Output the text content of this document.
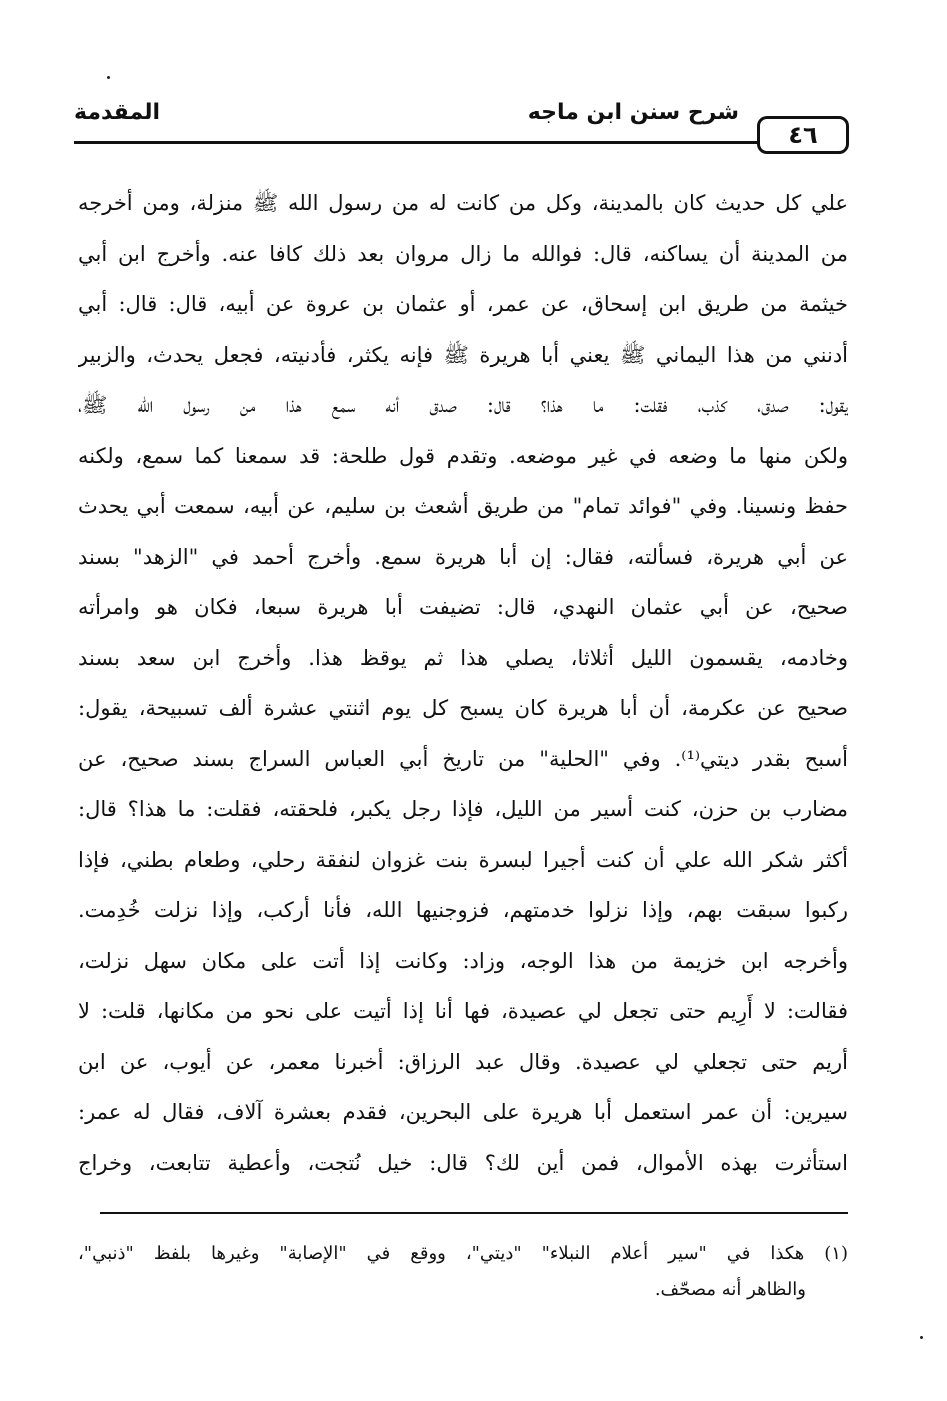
٤٦
شرح سنن ابن ماجه
المقدمة
علي كل حديث كان بالمدينة، وكل من كانت له من رسول الله ﷺ منزلة، ومن أخرجه
من المدينة أن يساكنه، قال: فوالله ما زال مروان بعد ذلك كافا عنه. وأخرج ابن أبي
خيثمة من طريق ابن إسحاق، عن عمر، أو عثمان بن عروة عن أبيه، قال: قال: أبي
أدنني من هذا اليماني ﷺ يعني أبا هريرة ﷺ فإنه يكثر، فأدنيته، فجعل يحدث، والزبير
يقول: صدق، كذب، فقلت: ما هذا؟ قال: صدق أنه سمع هذا من رسول الله ﷺ،
ولكن منها ما وضعه في غير موضعه. وتقدم قول طلحة: قد سمعنا كما سمع، ولكنه
حفظ ونسينا. وفي "فوائد تمام" من طريق أشعث بن سليم، عن أبيه، سمعت أبي يحدث
عن أبي هريرة، فسألته، فقال: إن أبا هريرة سمع. وأخرج أحمد في "الزهد" بسند
صحيح، عن أبي عثمان النهدي، قال: تضيفت أبا هريرة سبعا، فكان هو وامرأته
وخادمه، يقسمون الليل أثلاثا، يصلي هذا ثم يوقظ هذا. وأخرج ابن سعد بسند
صحيح عن عكرمة، أن أبا هريرة كان يسبح كل يوم اثنتي عشرة ألف تسبيحة، يقول:
أسبح بقدر ديتي⁽¹⁾. وفي "الحلية" من تاريخ أبي العباس السراج بسند صحيح، عن
مضارب بن حزن، كنت أسير من الليل، فإذا رجل يكبر، فلحقته، فقلت: ما هذا؟ قال:
أكثر شكر الله علي أن كنت أجيرا لبسرة بنت غزوان لنفقة رحلي، وطعام بطني، فإذا
ركبوا سبقت بهم، وإذا نزلوا خدمتهم، فزوجنيها الله، فأنا أركب، وإذا نزلت خُدِمت.
وأخرجه ابن خزيمة من هذا الوجه، وزاد: وكانت إذا أتت على مكان سهل نزلت،
فقالت: لا أَرِيم حتى تجعل لي عصيدة، فها أنا إذا أتيت على نحو من مكانها، قلت: لا
أريم حتى تجعلي لي عصيدة. وقال عبد الرزاق: أخبرنا معمر، عن أيوب، عن ابن
سيرين: أن عمر استعمل أبا هريرة على البحرين، فقدم بعشرة آلاف، فقال له عمر:
استأثرت بهذه الأموال، فمن أين لك؟ قال: خيل نُتجت، وأعطية تتابعت، وخراج
(١) هكذا في "سير أعلام النبلاء" "ديتي"، ووقع في "الإصابة" وغيرها بلفظ "ذنبي"،
والظاهر أنه مصحّف.
